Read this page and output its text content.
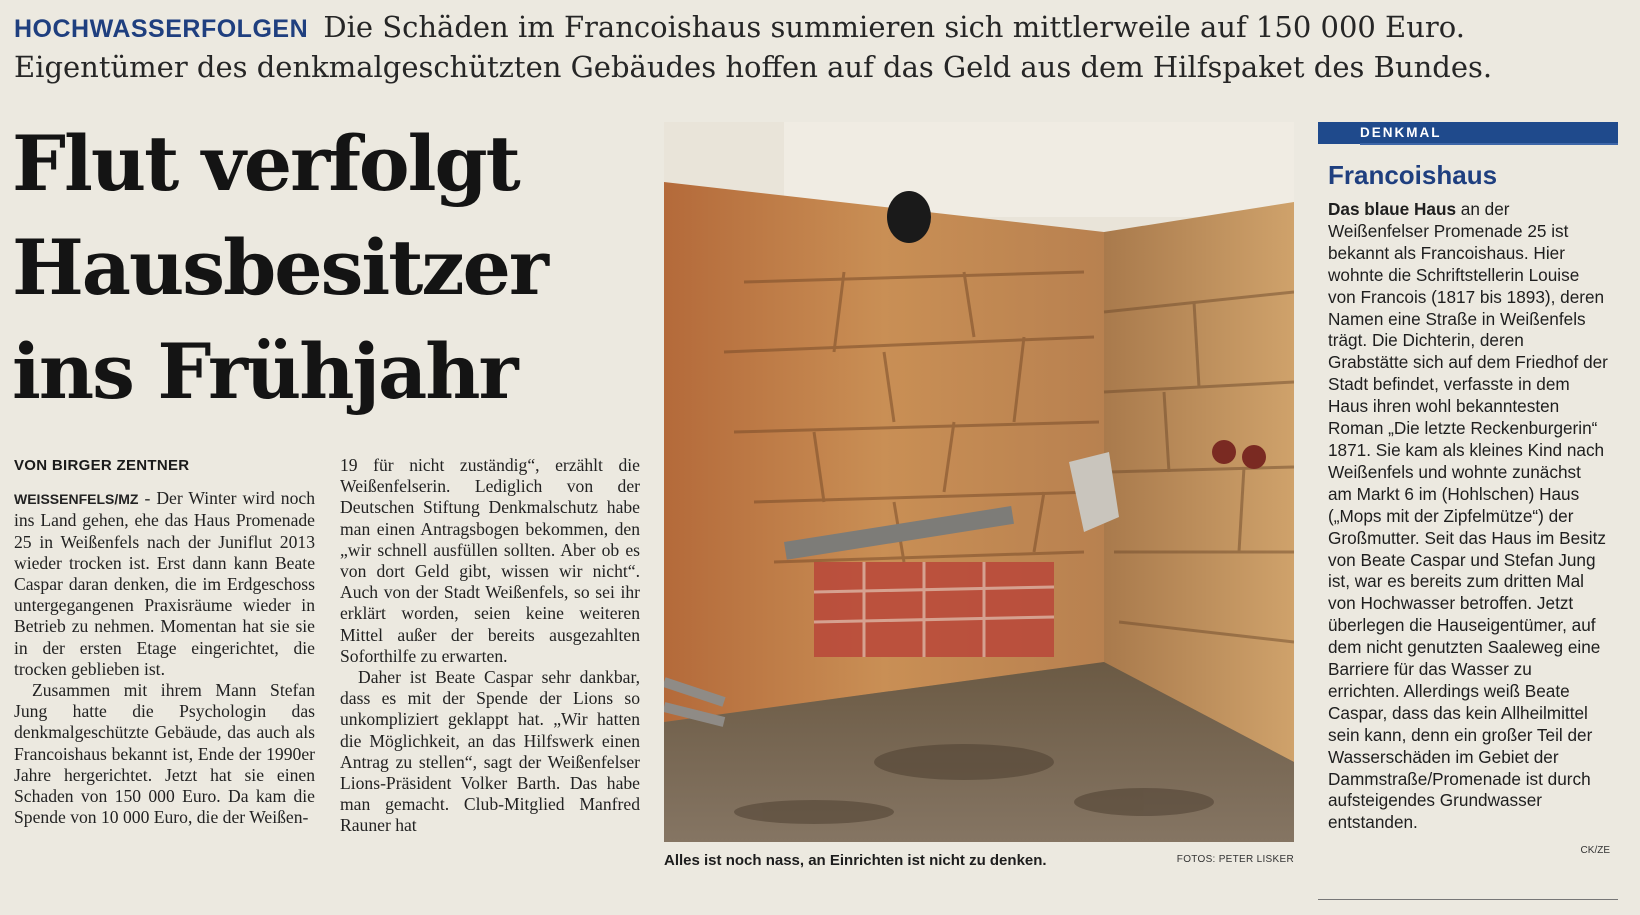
HOCHWASSERFOLGEN Die Schäden im Francoishaus summieren sich mittlerweile auf 150 000 Euro. Eigentümer des denkmalgeschützten Gebäudes hoffen auf das Geld aus dem Hilfspaket des Bundes.
Flut verfolgt
Hausbesitzer
ins Frühjahr
VON BIRGER ZENTNER

WEISSENFELS/MZ - Der Winter wird noch ins Land gehen, ehe das Haus Promenade 25 in Weißenfels nach der Juniflut 2013 wieder trocken ist. Erst dann kann Beate Caspar daran denken, die im Erdgeschoss untergegangenen Praxisräume wieder in Betrieb zu nehmen. Momentan hat sie sie in der ersten Etage eingerichtet, die trocken geblieben ist.

Zusammen mit ihrem Mann Stefan Jung hatte die Psychologin das denkmalgeschützte Gebäude, das auch als Francoishaus bekannt ist, Ende der 1990er Jahre hergerichtet. Jetzt hat sie einen Schaden von 150 000 Euro. Da kam die Spende von 10 000 Euro, die der Weißen-

19 für nicht zuständig“, erzählt die Weißenfelserin. Lediglich von der Deutschen Stiftung Denkmalschutz habe man einen Antragsbogen bekommen, den „wir schnell ausfüllen sollten. Aber ob es von dort Geld gibt, wissen wir nicht“. Auch von der Stadt Weißenfels, so sei ihr erklärt worden, seien keine weiteren Mittel außer der bereits ausgezahlten Soforthilfe zu erwarten.

Daher ist Beate Caspar sehr dankbar, dass es mit der Spende der Lions so unkompliziert geklappt hat. „Wir hatten die Möglichkeit, an das Hilfswerk einen Antrag zu stellen“, sagt der Weißenfelser Lions-Präsident Volker Barth. Das habe man gemacht. Club-Mitglied Manfred Rauner hat

Alles ist noch nass, an Einrichten ist nicht zu denken.	FOTOS: PETER LISKER
DENKMAL
Francoishaus
Das blaue Haus an der Weißenfelser Promenade 25 ist bekannt als Francoishaus. Hier wohnte die Schriftstellerin Louise von Francois (1817 bis 1893), deren Namen eine Straße in Weißenfels trägt. Die Dichterin, deren Grabstätte sich auf dem Friedhof der Stadt befindet, verfasste in dem Haus ihren wohl bekanntesten Roman „Die letzte Reckenburgerin“ 1871. Sie kam als kleines Kind nach Weißenfels und wohnte zunächst am Markt 6 im (Hohlschen) Haus („Mops mit der Zipfelmütze“) der Großmutter. Seit das Haus im Besitz von Beate Caspar und Stefan Jung ist, war es bereits zum dritten Mal von Hochwasser betroffen. Jetzt überlegen die Hauseigentümer, auf dem nicht genutzten Saaleweg eine Barriere für das Wasser zu errichten. Allerdings weiß Beate Caspar, dass das kein Allheilmittel sein kann, denn ein großer Teil der Wasserschäden im Gebiet der Dammstraße/Promenade ist durch aufsteigendes Grundwasser entstanden.
CK/ZE
